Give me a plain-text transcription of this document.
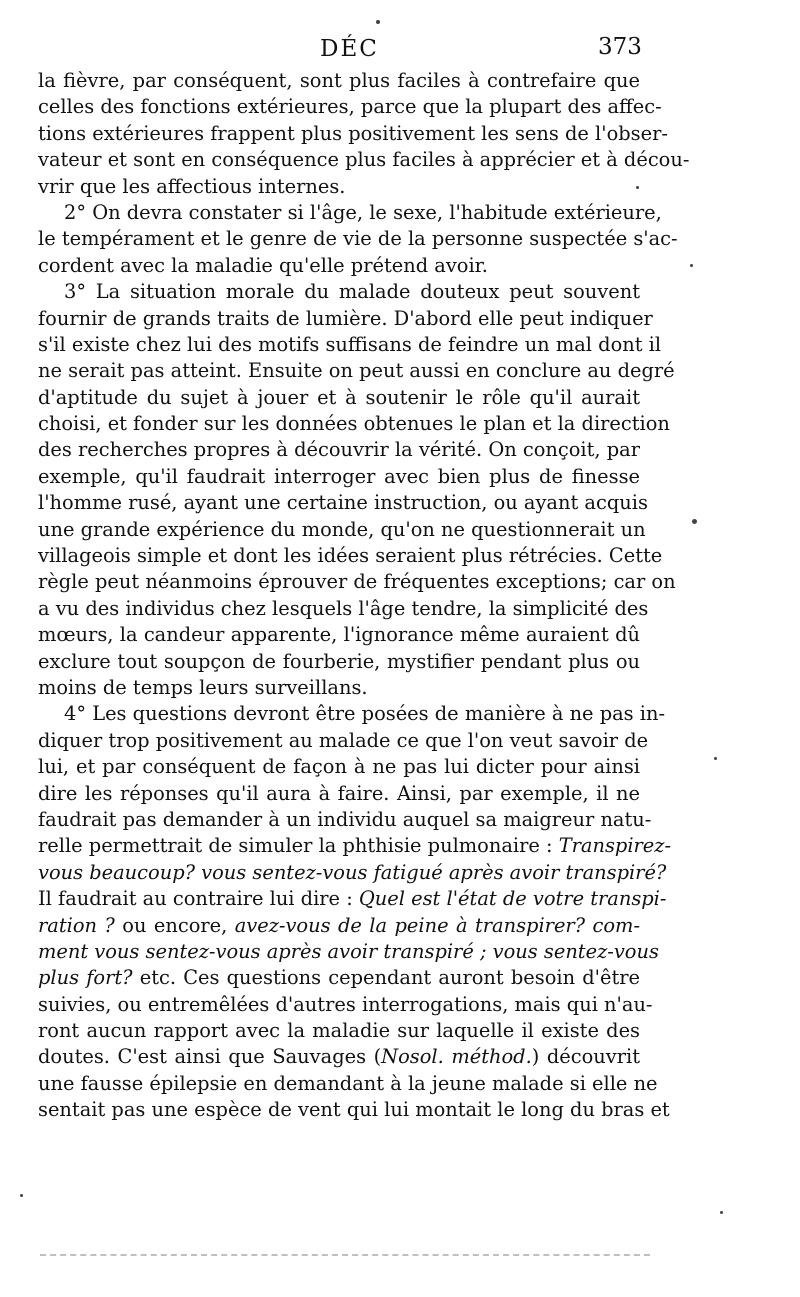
DÉC	373
la fièvre, par conséquent, sont plus faciles à contrefaire que
celles des fonctions extérieures, parce que la plupart des affec-
tions extérieures frappent plus positivement les sens de l'obser-
vateur et sont en conséquence plus faciles à apprécier et à décou-
vrir que les affectious internes.
2° On devra constater si l'âge, le sexe, l'habitude extérieure,
le tempérament et le genre de vie de la personne suspectée s'ac-
cordent avec la maladie qu'elle prétend avoir.
3° La situation morale du malade douteux peut souvent
fournir de grands traits de lumière. D'abord elle peut indiquer
s'il existe chez lui des motifs suffisans de feindre un mal dont il
ne serait pas atteint. Ensuite on peut aussi en conclure au degré
d'aptitude du sujet à jouer et à soutenir le rôle qu'il aurait
choisi, et fonder sur les données obtenues le plan et la direction
des recherches propres à découvrir la vérité. On conçoit, par
exemple, qu'il faudrait interroger avec bien plus de finesse
l'homme rusé, ayant une certaine instruction, ou ayant acquis
une grande expérience du monde, qu'on ne questionnerait un
villageois simple et dont les idées seraient plus rétrécies. Cette
règle peut néanmoins éprouver de fréquentes exceptions; car on
a vu des individus chez lesquels l'âge tendre, la simplicité des
mœurs, la candeur apparente, l'ignorance même auraient dû
exclure tout soupçon de fourberie, mystifier pendant plus ou
moins de temps leurs surveillans.
4° Les questions devront être posées de manière à ne pas in-
diquer trop positivement au malade ce que l'on veut savoir de
lui, et par conséquent de façon à ne pas lui dicter pour ainsi
dire les réponses qu'il aura à faire. Ainsi, par exemple, il ne
faudrait pas demander à un individu auquel sa maigreur natu-
relle permettrait de simuler la phthisie pulmonaire : Transpirez-
vous beaucoup? vous sentez-vous fatigué après avoir transpiré?
Il faudrait au contraire lui dire : Quel est l'état de votre transpi-
ration ? ou encore, avez-vous de la peine à transpirer? com-
ment vous sentez-vous après avoir transpiré ; vous sentez-vous
plus fort? etc. Ces questions cependant auront besoin d'être
suivies, ou entremêlées d'autres interrogations, mais qui n'au-
ront aucun rapport avec la maladie sur laquelle il existe des
doutes. C'est ainsi que Sauvages (Nosol. méthod.) découvrit
une fausse épilepsie en demandant à la jeune malade si elle ne
sentait pas une espèce de vent qui lui montait le long du bras et
